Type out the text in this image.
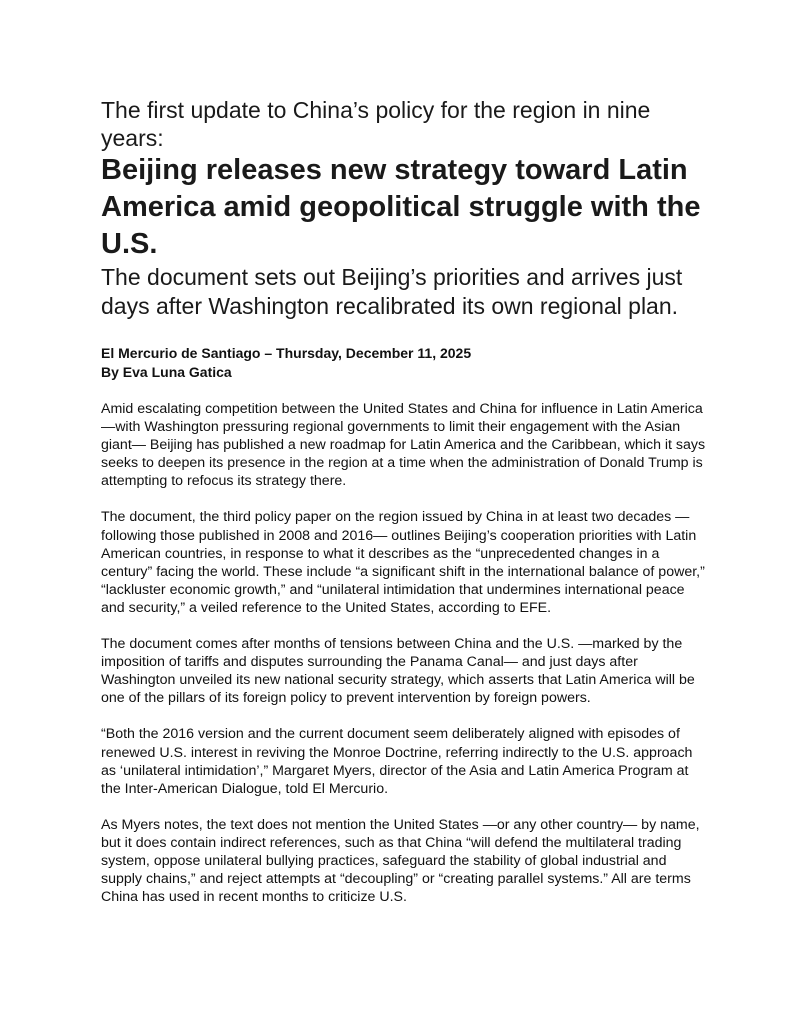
The first update to China’s policy for the region in nine years:
Beijing releases new strategy toward Latin America amid geopolitical struggle with the U.S.
The document sets out Beijing’s priorities and arrives just days after Washington recalibrated its own regional plan.

El Mercurio de Santiago – Thursday, December 11, 2025

By Eva Luna Gatica

Amid escalating competition between the United States and China for influence in Latin America —with Washington pressuring regional governments to limit their engagement with the Asian giant— Beijing has published a new roadmap for Latin America and the Caribbean, which it says seeks to deepen its presence in the region at a time when the administration of Donald Trump is attempting to refocus its strategy there.

The document, the third policy paper on the region issued by China in at least two decades —following those published in 2008 and 2016— outlines Beijing’s cooperation priorities with Latin American countries, in response to what it describes as the “unprecedented changes in a century” facing the world. These include “a significant shift in the international balance of power,” “lackluster economic growth,” and “unilateral intimidation that undermines international peace and security,” a veiled reference to the United States, according to EFE.

The document comes after months of tensions between China and the U.S. —marked by the imposition of tariffs and disputes surrounding the Panama Canal— and just days after Washington unveiled its new national security strategy, which asserts that Latin America will be one of the pillars of its foreign policy to prevent intervention by foreign powers.

“Both the 2016 version and the current document seem deliberately aligned with episodes of renewed U.S. interest in reviving the Monroe Doctrine, referring indirectly to the U.S. approach as ‘unilateral intimidation’,” Margaret Myers, director of the Asia and Latin America Program at the Inter-American Dialogue, told El Mercurio.

As Myers notes, the text does not mention the United States —or any other country— by name, but it does contain indirect references, such as that China “will defend the multilateral trading system, oppose unilateral bullying practices, safeguard the stability of global industrial and supply chains,” and reject attempts at “decoupling” or “creating parallel systems.” All are terms China has used in recent months to criticize U.S.
